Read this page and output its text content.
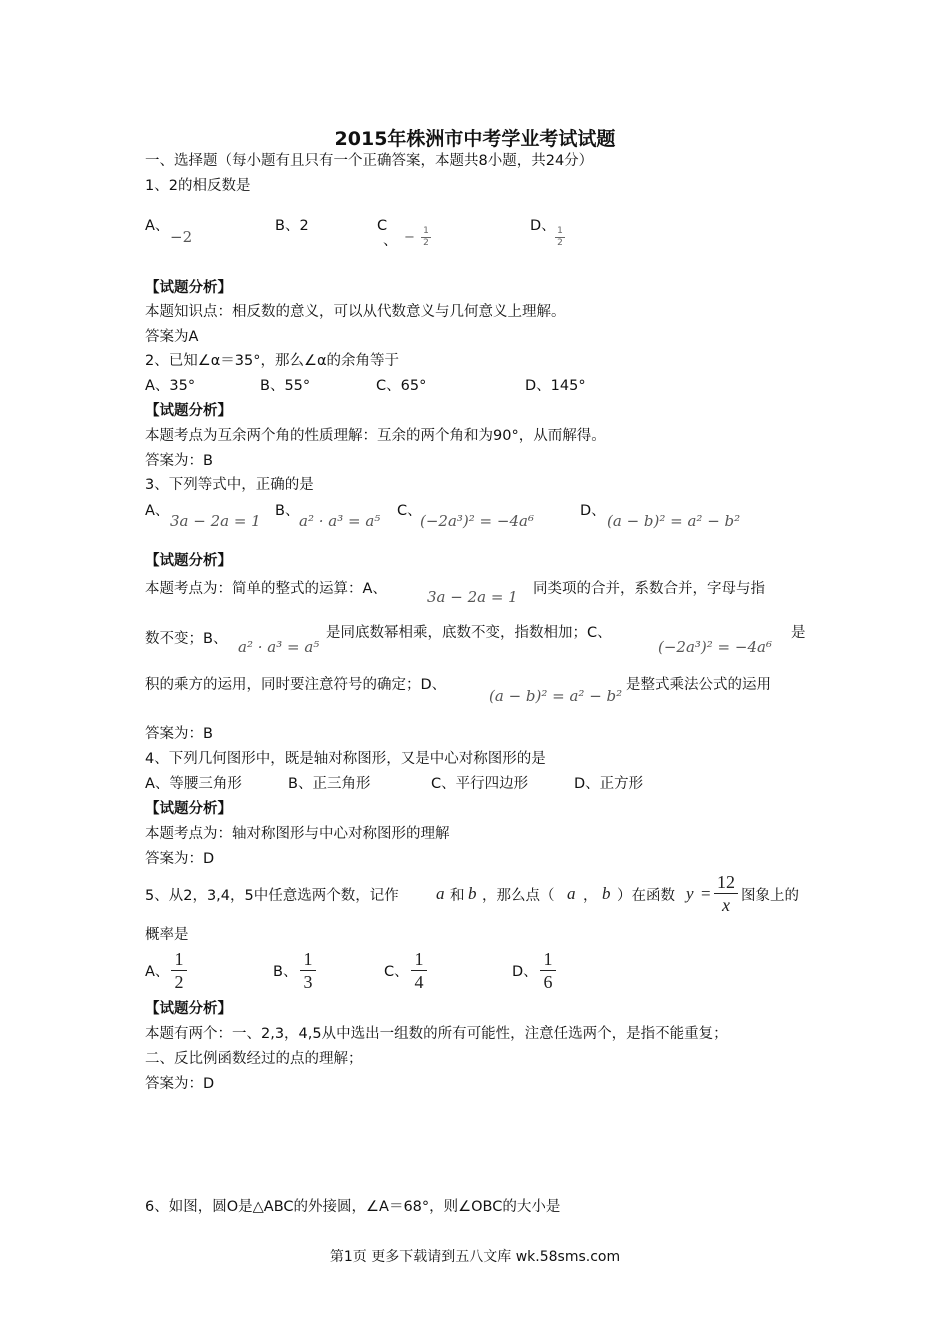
2015年株洲市中考学业考试试题
一、选择题（每小题有且只有一个正确答案，本题共8小题，共24分）
1、2的相反数是
A、
−2
B、2	C
、 − 1
2
D、 1
2
【试题分析】
本题知识点：相反数的意义，可以从代数意义与几何意义上理解。
答案为A
2、已知∠α＝35°，那么∠α的余角等于
A、35°	B、55°	C、65°	D、145°
【试题分析】
本题考点为互余两个角的性质理解：互余的两个角和为90°，从而解得。
答案为：B
3、下列等式中，正确的是
A、
3a − 2a = 1
B、
a² · a³ = a⁵
C、
(−2a³)² = −4a⁶
D、
(a − b)² = a² − b²
【试题分析】
本题考点为：简单的整式的运算：A、	3a − 2a = 1 同类项的合并，系数合并，字母与指
数不变；B、 a² · a³ = a⁵
是同底数幂相乘，底数不变，指数相加；C、
(−2a³)² = −4a⁶
是
积的乘方的运用，同时要注意符号的确定；D、
(a − b)² = a² − b²
是整式乘法公式的运用
答案为：B
4、下列几何图形中，既是轴对称图形，又是中心对称图形的是
A、等腰三角形	B、正三角形	C、平行四边形	D、正方形
【试题分析】
本题考点为：轴对称图形与中心对称图形的理解
答案为：D
5、从2，3,4，5中任意选两个数，记作 a 和 b ，那么点（ a ， b ）在函数 y =
12
x 图象上的
概率是
A、
1
2	B、
1
3	C、
1
4	D、
1
6
【试题分析】
本题有两个：一、2,3，4,5从中选出一组数的所有可能性，注意任选两个，是指不能重复；
二、反比例函数经过的点的理解；
答案为：D
6、如图，圆O是△ABC的外接圆，∠A＝68°，则∠OBC的大小是
第1页 更多下载请到五八文库 wk.58sms.com
